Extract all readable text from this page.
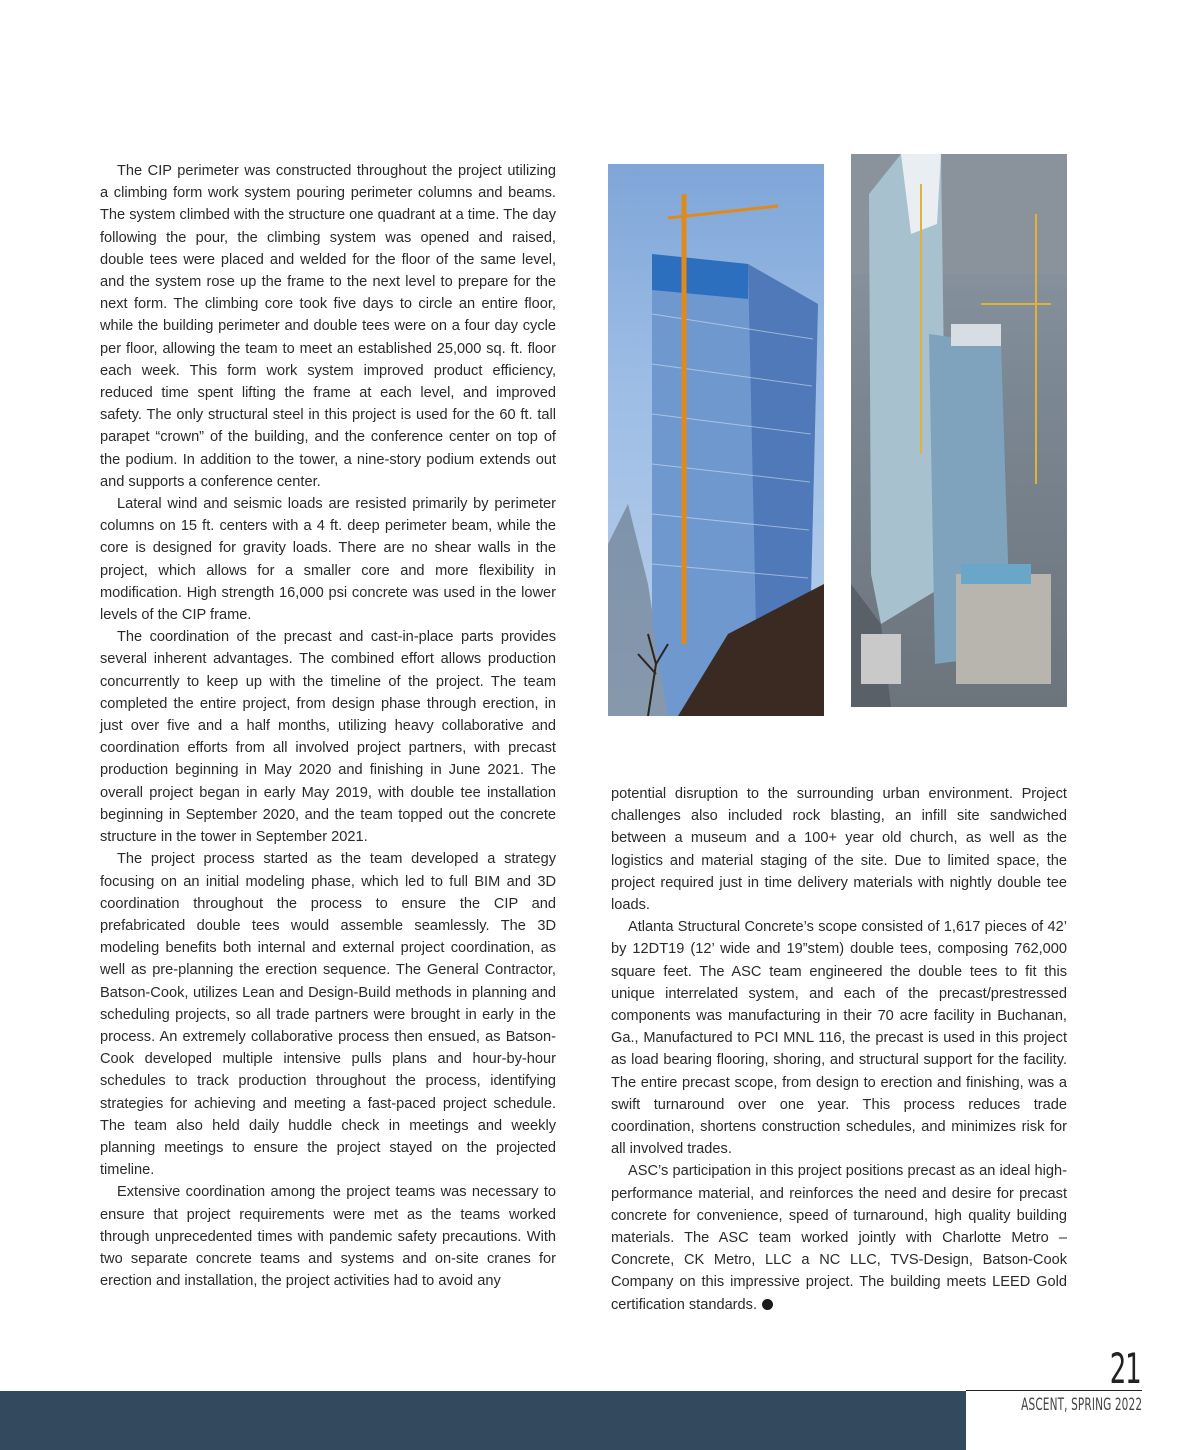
The CIP perimeter was constructed throughout the project utilizing a climbing form work system pouring perimeter columns and beams. The system climbed with the structure one quadrant at a time. The day following the pour, the climbing system was opened and raised, double tees were placed and welded for the floor of the same level, and the system rose up the frame to the next level to prepare for the next form. The climbing core took five days to circle an entire floor, while the building perimeter and double tees were on a four day cycle per floor, allowing the team to meet an established 25,000 sq. ft. floor each week. This form work system improved product efficiency, reduced time spent lifting the frame at each level, and improved safety. The only structural steel in this project is used for the 60 ft. tall parapet “crown” of the building, and the conference center on top of the podium. In addition to the tower, a nine-story podium extends out and supports a conference center.

Lateral wind and seismic loads are resisted primarily by perimeter columns on 15 ft. centers with a 4 ft. deep perimeter beam, while the core is designed for gravity loads. There are no shear walls in the project, which allows for a smaller core and more flexibility in modification. High strength 16,000 psi concrete was used in the lower levels of the CIP frame.

The coordination of the precast and cast-in-place parts provides several inherent advantages. The combined effort allows production concurrently to keep up with the timeline of the project. The team completed the entire project, from design phase through erection, in just over five and a half months, utilizing heavy collaborative and coordination efforts from all involved project partners, with precast production beginning in May 2020 and finishing in June 2021. The overall project began in early May 2019, with double tee installation beginning in September 2020, and the team topped out the concrete structure in the tower in September 2021.

The project process started as the team developed a strategy focusing on an initial modeling phase, which led to full BIM and 3D coordination throughout the process to ensure the CIP and prefabricated double tees would assemble seamlessly. The 3D modeling benefits both internal and external project coordination, as well as pre-planning the erection sequence. The General Contractor, Batson-Cook, utilizes Lean and Design-Build methods in planning and scheduling projects, so all trade partners were brought in early in the process. An extremely collaborative process then ensued, as Batson-Cook developed multiple intensive pulls plans and hour-by-hour schedules to track production throughout the process, identifying strategies for achieving and meeting a fast-paced project schedule. The team also held daily huddle check in meetings and weekly planning meetings to ensure the project stayed on the projected timeline.

Extensive coordination among the project teams was necessary to ensure that project requirements were met as the teams worked through unprecedented times with pandemic safety precautions. With two separate concrete teams and systems and on-site cranes for erection and installation, the project activities had to avoid any

potential disruption to the surrounding urban environment. Project challenges also included rock blasting, an infill site sandwiched between a museum and a 100+ year old church, as well as the logistics and material staging of the site. Due to limited space, the project required just in time delivery materials with nightly double tee loads.

Atlanta Structural Concrete’s scope consisted of 1,617 pieces of 42’ by 12DT19 (12’ wide and 19”stem) double tees, composing 762,000 square feet. The ASC team engineered the double tees to fit this unique interrelated system, and each of the precast/prestressed components was manufacturing in their 70 acre facility in Buchanan, Ga., Manufactured to PCI MNL 116, the precast is used in this project as load bearing flooring, shoring, and structural support for the facility. The entire precast scope, from design to erection and finishing, was a swift turnaround over one year. This process reduces trade coordination, shortens construction schedules, and minimizes risk for all involved trades.

ASC’s participation in this project positions precast as an ideal high-performance material, and reinforces the need and desire for precast concrete for convenience, speed of turnaround, high quality building materials. The ASC team worked jointly with Charlotte Metro – Concrete, CK Metro, LLC a NC LLC, TVS-Design, Batson-Cook Company on this impressive project. The building meets LEED Gold certification standards.

21
ASCENT, SPRING 2022
